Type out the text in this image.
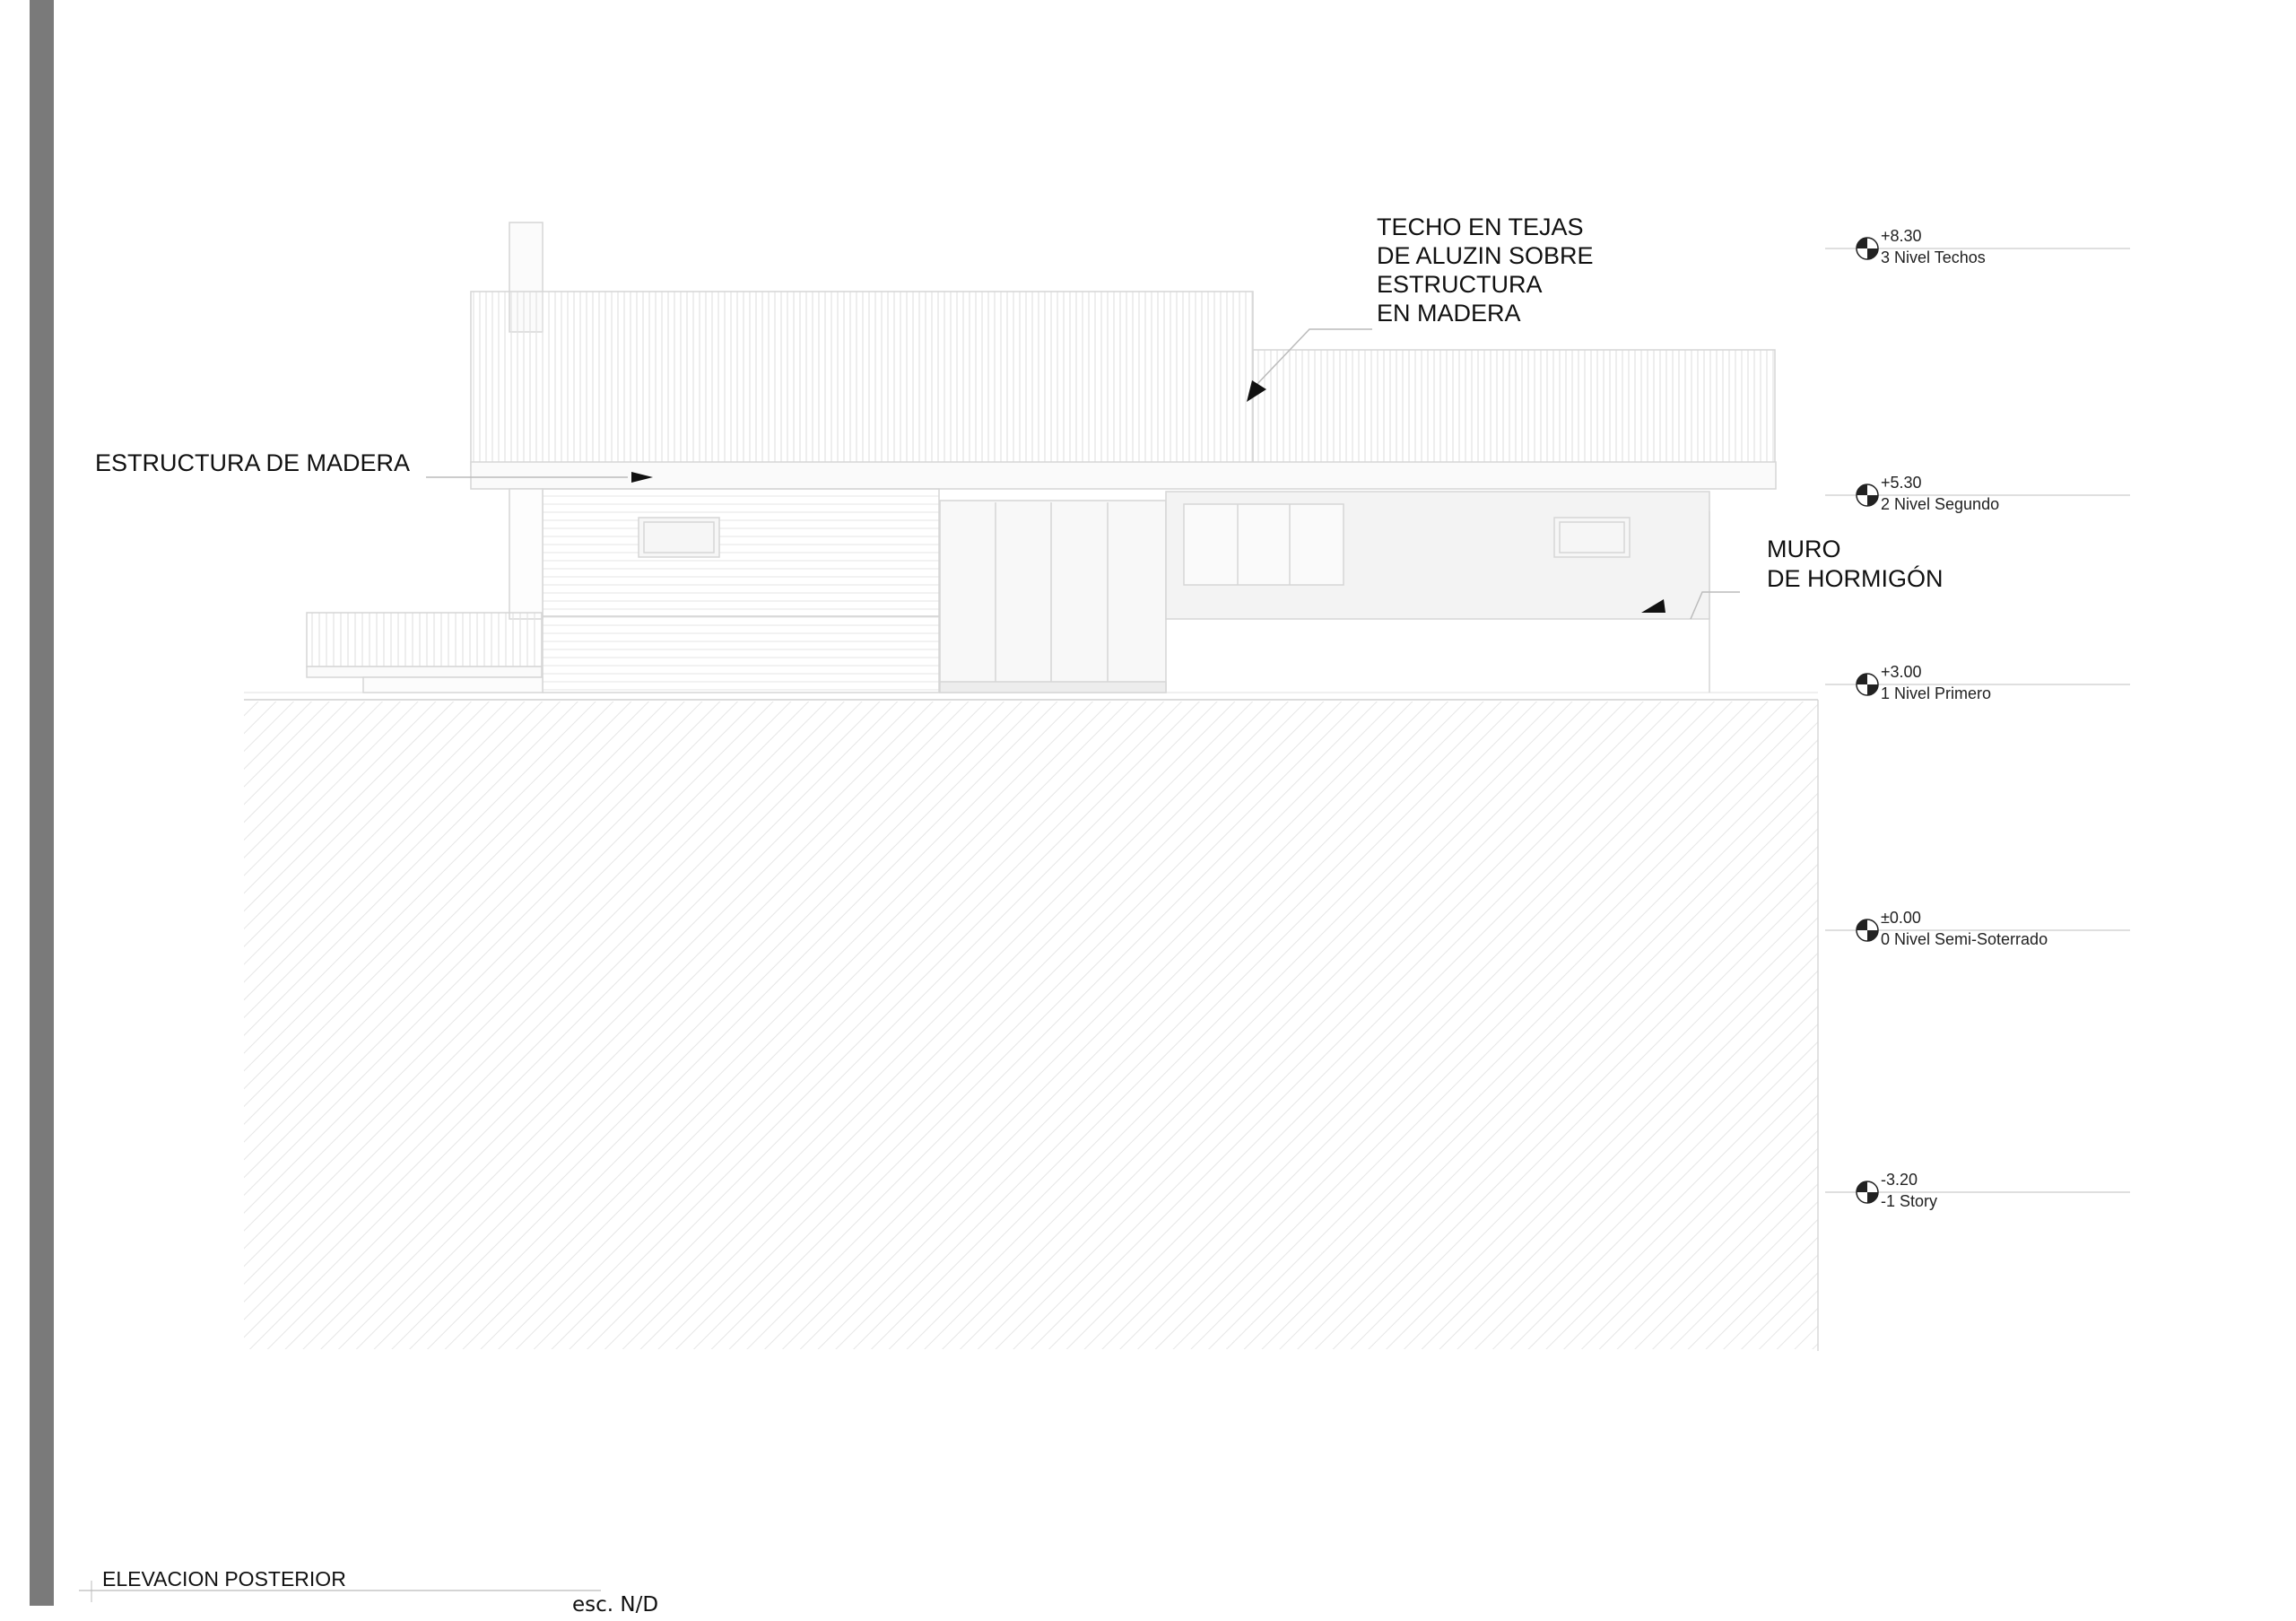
TECHO EN TEJAS
DE ALUZIN SOBRE
ESTRUCTURA
EN MADERA
ESTRUCTURA DE MADERA
MURO
DE HORMIGÓN
+8.30
3 Nivel Techos
+5.30
2 Nivel Segundo
+3.00
1 Nivel Primero
±0.00
0 Nivel Semi-Soterrado
-3.20
-1 Story
ELEVACION POSTERIOR
esc. N/D
